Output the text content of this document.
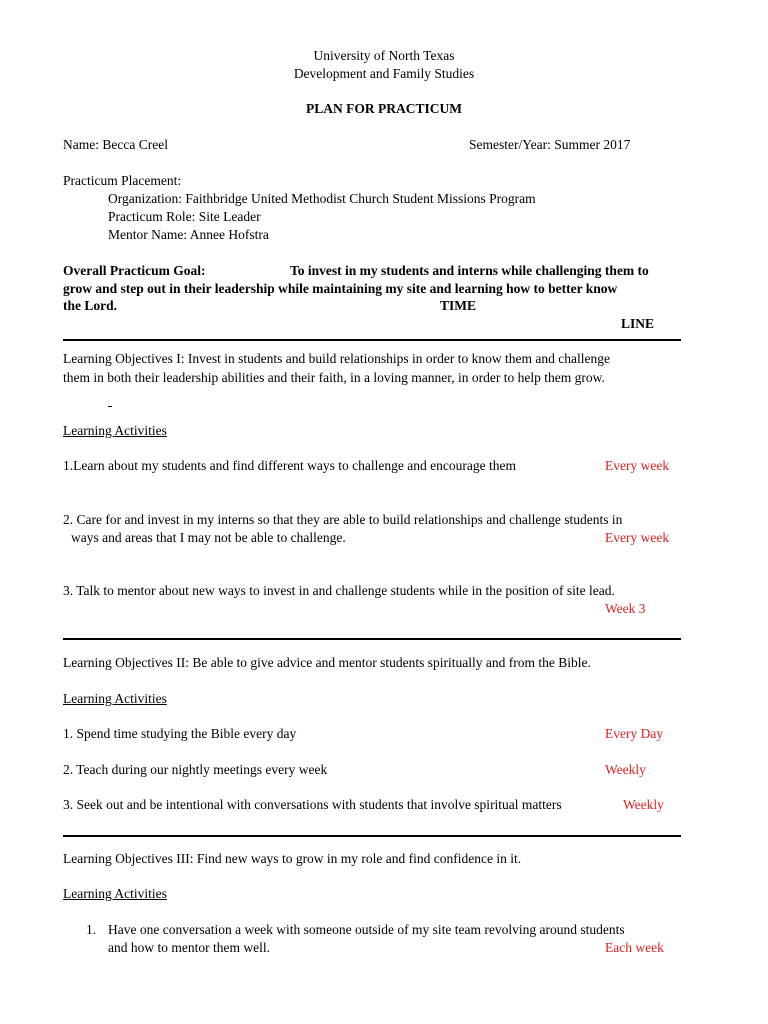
University of North Texas
Development and Family Studies
PLAN FOR PRACTICUM
Name: Becca Creel	Semester/Year: Summer 2017
Practicum Placement:
Organization: Faithbridge United Methodist Church Student Missions Program
Practicum Role: Site Leader
Mentor Name: Annee Hofstra
Overall Practicum Goal:	To invest in my students and interns while challenging them to
grow and step out in their leadership while maintaining my site and learning how to better know
the Lord.	TIME
LINE
Learning Objectives I: Invest in students and build relationships in order to know them and challenge
them in both their leadership abilities and their faith, in a loving manner, in order to help them grow.
Learning Activities
1.Learn about my students and find different ways to challenge and encourage them	Every week
2. Care for and invest in my interns so that they are able to build relationships and challenge students in
ways and areas that I may not be able to challenge.	Every week
3. Talk to mentor about new ways to invest in and challenge students while in the position of site lead.
Week 3
Learning Objectives II: Be able to give advice and mentor students spiritually and from the Bible.
Learning Activities
1. Spend time studying the Bible every day	Every Day
2. Teach during our nightly meetings every week	Weekly
3. Seek out and be intentional with conversations with students that involve spiritual matters	Weekly
Learning Objectives III: Find new ways to grow in my role and find confidence in it.
Learning Activities
1. Have one conversation a week with someone outside of my site team revolving around students
and how to mentor them well.	Each week
